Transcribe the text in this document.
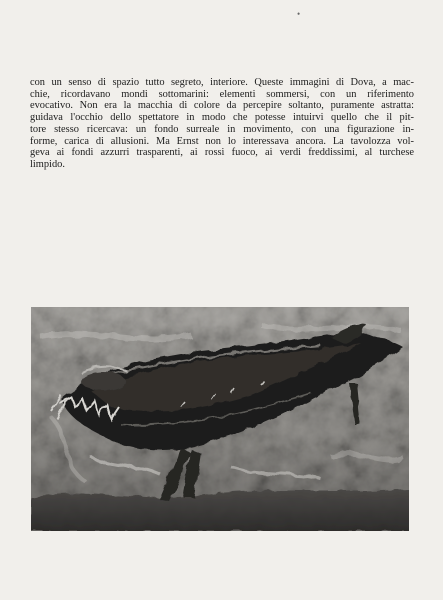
•
con un senso di spazio tutto segreto, interiore. Queste immagini di Dova, a mac-
chie, ricordavano mondi sottomarini: elementi sommersi, con un riferimento
evocativo. Non era la macchia di colore da percepire soltanto, puramente astratta:
guidava l'occhio dello spettatore in modo che potesse intuirvi quello che il pit-
tore stesso ricercava: un fondo surreale in movimento, con una figurazione in-
forme, carica di allusioni. Ma Ernst non lo interessava ancora. La tavolozza vol-
geva ai fondi azzurri trasparenti, ai rossi fuoco, ai verdi freddissimi, al turchese
limpido.
